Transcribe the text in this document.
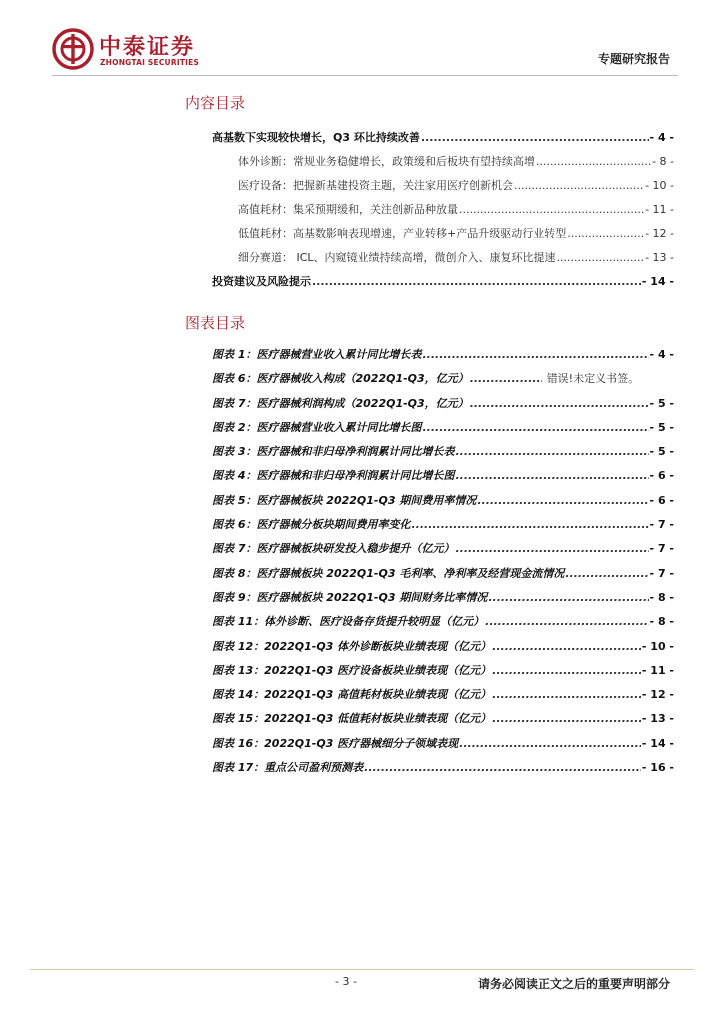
中泰证券
ZHONGTAI SECURITIES	专题研究报告
内容目录
高基数下实现较快增长，Q3 环比持续改善 .....	- 4 -
体外诊断：常规业务稳健增长，政策缓和后板块有望持续高增 .....	- 8 -
医疗设备：把握新基建投资主题，关注家用医疗创新机会 .....	- 10 -
高值耗材：集采预期缓和，关注创新品种放量 .....	- 11 -
低值耗材：高基数影响表现增速，产业转移+产品升级驱动行业转型 .....	- 12 -
细分赛道： ICL、内窥镜业绩持续高增，微创介入、康复环比提速 .....	- 13 -
投资建议及风险提示 .....	- 14 -
图表目录
图表 1：医疗器械营业收入累计同比增长表 .....	- 4 -
图表 6：医疗器械收入构成（2022Q1-Q3，亿元） .....	错误!未定义书签。
图表 7：医疗器械利润构成（2022Q1-Q3，亿元） .....	- 5 -
图表 2：医疗器械营业收入累计同比增长图 .....	- 5 -
图表 3：医疗器械和非归母净利润累计同比增长表 .....	- 5 -
图表 4：医疗器械和非归母净利润累计同比增长图 .....	- 6 -
图表 5：医疗器械板块 2022Q1-Q3 期间费用率情况 .....	- 6 -
图表 6：医疗器械分板块期间费用率变化 .....	- 7 -
图表 7：医疗器械板块研发投入稳步提升（亿元） .....	- 7 -
图表 8：医疗器械板块 2022Q1-Q3 毛利率、净利率及经营现金流情况 .....	- 7 -
图表 9：医疗器械板块 2022Q1-Q3 期间财务比率情况 .....	- 8 -
图表 11：体外诊断、医疗设备存货提升较明显（亿元） .....	- 8 -
图表 12：2022Q1-Q3 体外诊断板块业绩表现（亿元） .....	- 10 -
图表 13：2022Q1-Q3 医疗设备板块业绩表现（亿元） .....	- 11 -
图表 14：2022Q1-Q3 高值耗材板块业绩表现（亿元） .....	- 12 -
图表 15：2022Q1-Q3 低值耗材板块业绩表现（亿元） .....	- 13 -
图表 16：2022Q1-Q3 医疗器械细分子领域表现 .....	- 14 -
图表 17：重点公司盈利预测表 .....	- 16 -
- 3 -	请务必阅读正文之后的重要声明部分
